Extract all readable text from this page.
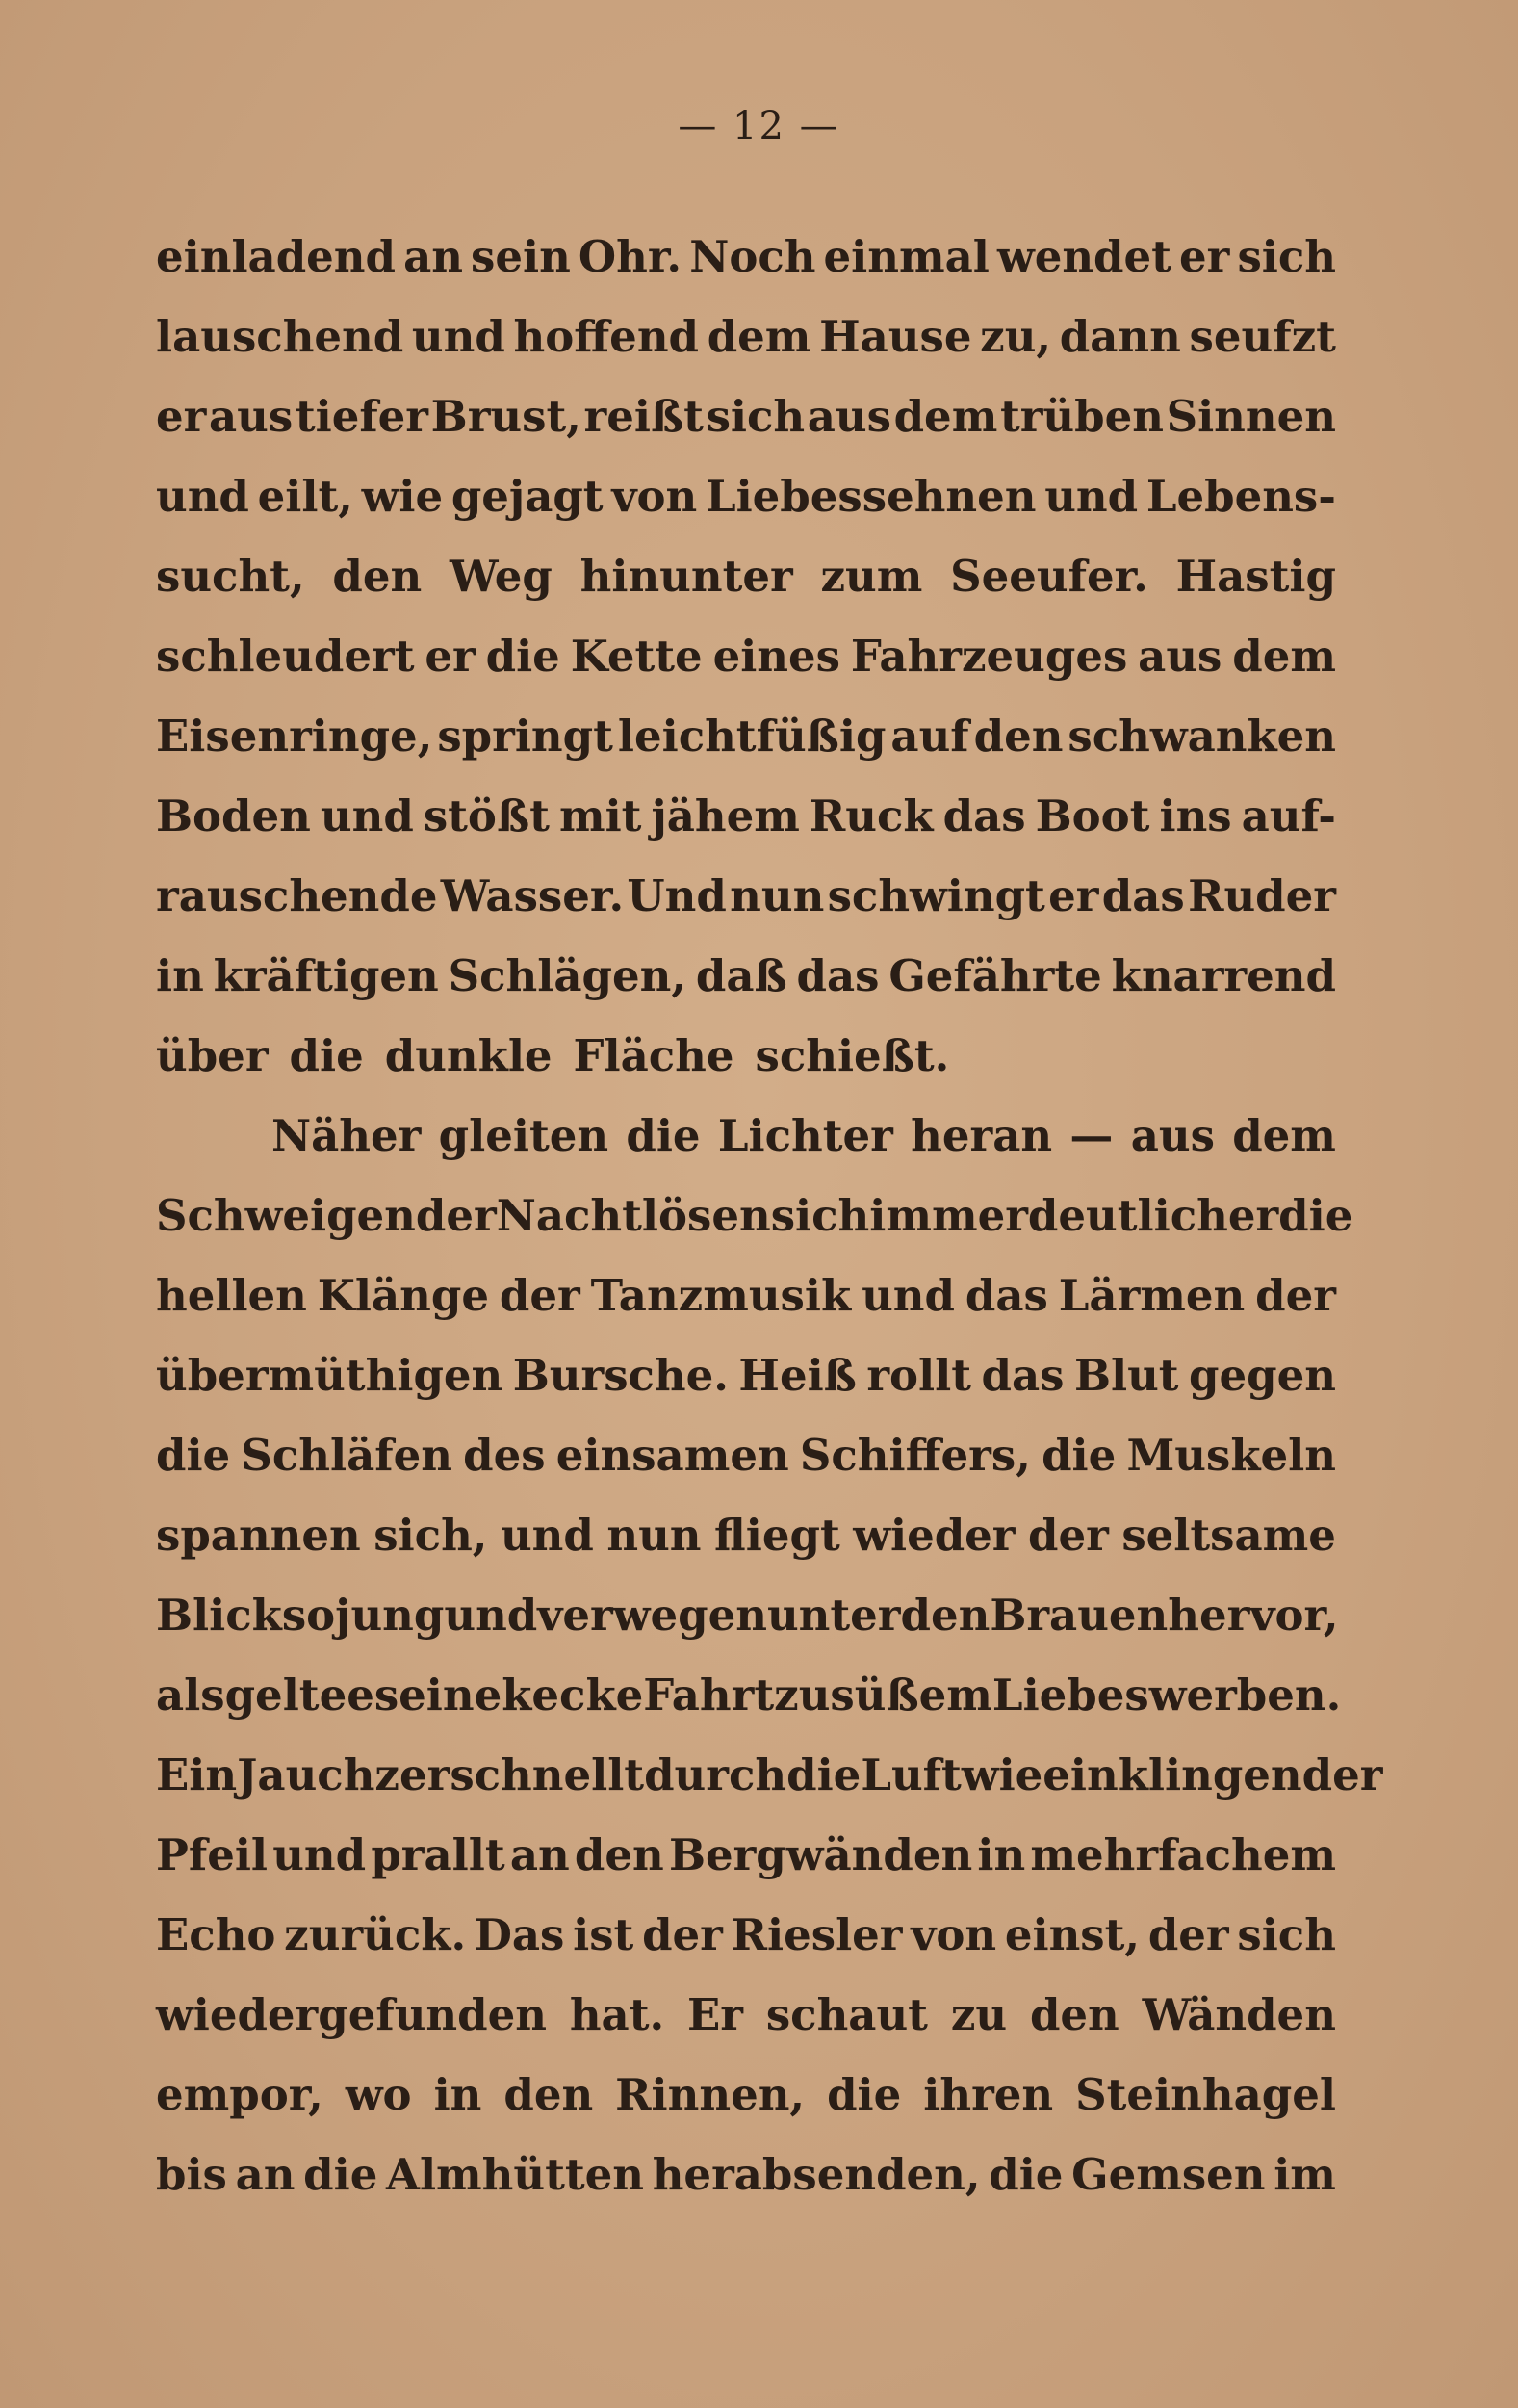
— 12 —
einladend an sein Ohr. Noch einmal wendet er sich
lauschend und hoffend dem Hause zu, dann seufzt
er aus tiefer Brust, reißt sich aus dem trüben Sinnen
und eilt, wie gejagt von Liebessehnen und Lebens-
sucht, den Weg hinunter zum Seeufer. Hastig
schleudert er die Kette eines Fahrzeuges aus dem
Eisenringe, springt leichtfüßig auf den schwanken
Boden und stößt mit jähem Ruck das Boot ins auf-
rauschende Wasser. Und nun schwingt er das Ruder
in kräftigen Schlägen, daß das Gefährte knarrend
über die dunkle Fläche schießt.
Näher gleiten die Lichter heran — aus dem
Schweigen der Nacht lösen sich immer deutlicher die
hellen Klänge der Tanzmusik und das Lärmen der
übermüthigen Bursche. Heiß rollt das Blut gegen
die Schläfen des einsamen Schiffers, die Muskeln
spannen sich, und nun fliegt wieder der seltsame
Blick so jung und verwegen unter den Brauen hervor,
als gelte es eine kecke Fahrt zu süßem Liebeswerben.
Ein Jauchzer schnellt durch die Luft wie ein klingender
Pfeil und prallt an den Bergwänden in mehrfachem
Echo zurück. Das ist der Riesler von einst, der sich
wiedergefunden hat. Er schaut zu den Wänden
empor, wo in den Rinnen, die ihren Steinhagel
bis an die Almhütten herabsenden, die Gemsen im
